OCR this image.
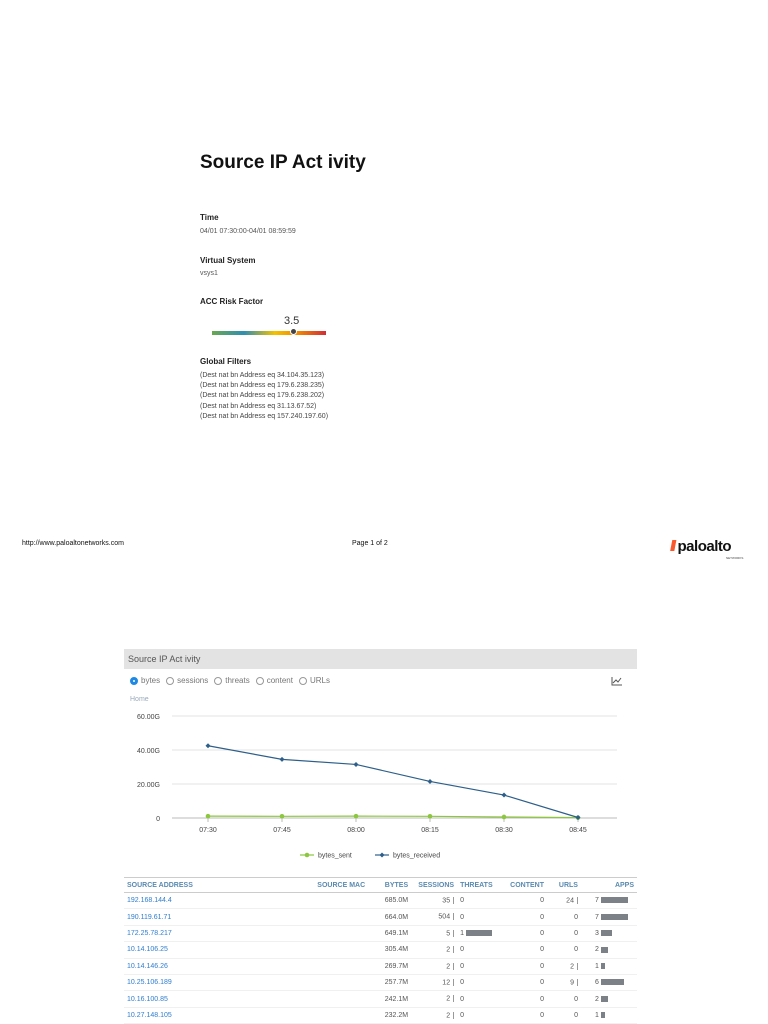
Source IP Act ivity
Time
04/01 07:30:00-04/01 08:59:59
Virtual System
vsys1
ACC Risk Factor
3.5
Global Filters
(Dest nat bn Address eq 34.104.35.123)
(Dest nat bn Address eq 179.6.238.235)
(Dest nat bn Address eq 179.6.238.202)
(Dest nat bn Address eq 31.13.67.52)
(Dest nat bn Address eq 157.240.197.60)
http://www.paloaltonetworks.com	Page 1 of 2	/// paloalto
NETWORKS
Source IP Act ivity
bytes sessions threats content URLs
Home
0
20.00G
40.00G
60.00G
07:30	07:45	08:00	08:15	08:30	08:45
bytes_sent	bytes_received
SOURCE ADDRESS	SOURCE MAC	BYTES	SESSIONS	THREATS	CONTENT	URLS	APPS
192.168.144.4		685.0M	35	0	0	24	7
190.119.61.71		664.0M	504	0	0	0	7
172.25.78.217		649.1M	5	1	0	0	3
10.14.106.25		305.4M	2	0	0	0	2
10.14.146.26		269.7M	2	0	0	2	1
10.25.106.189		257.7M	12	0	0	9	6
10.16.100.85		242.1M	2	0	0	0	2
10.27.148.105		232.2M	2	0	0	0	1
